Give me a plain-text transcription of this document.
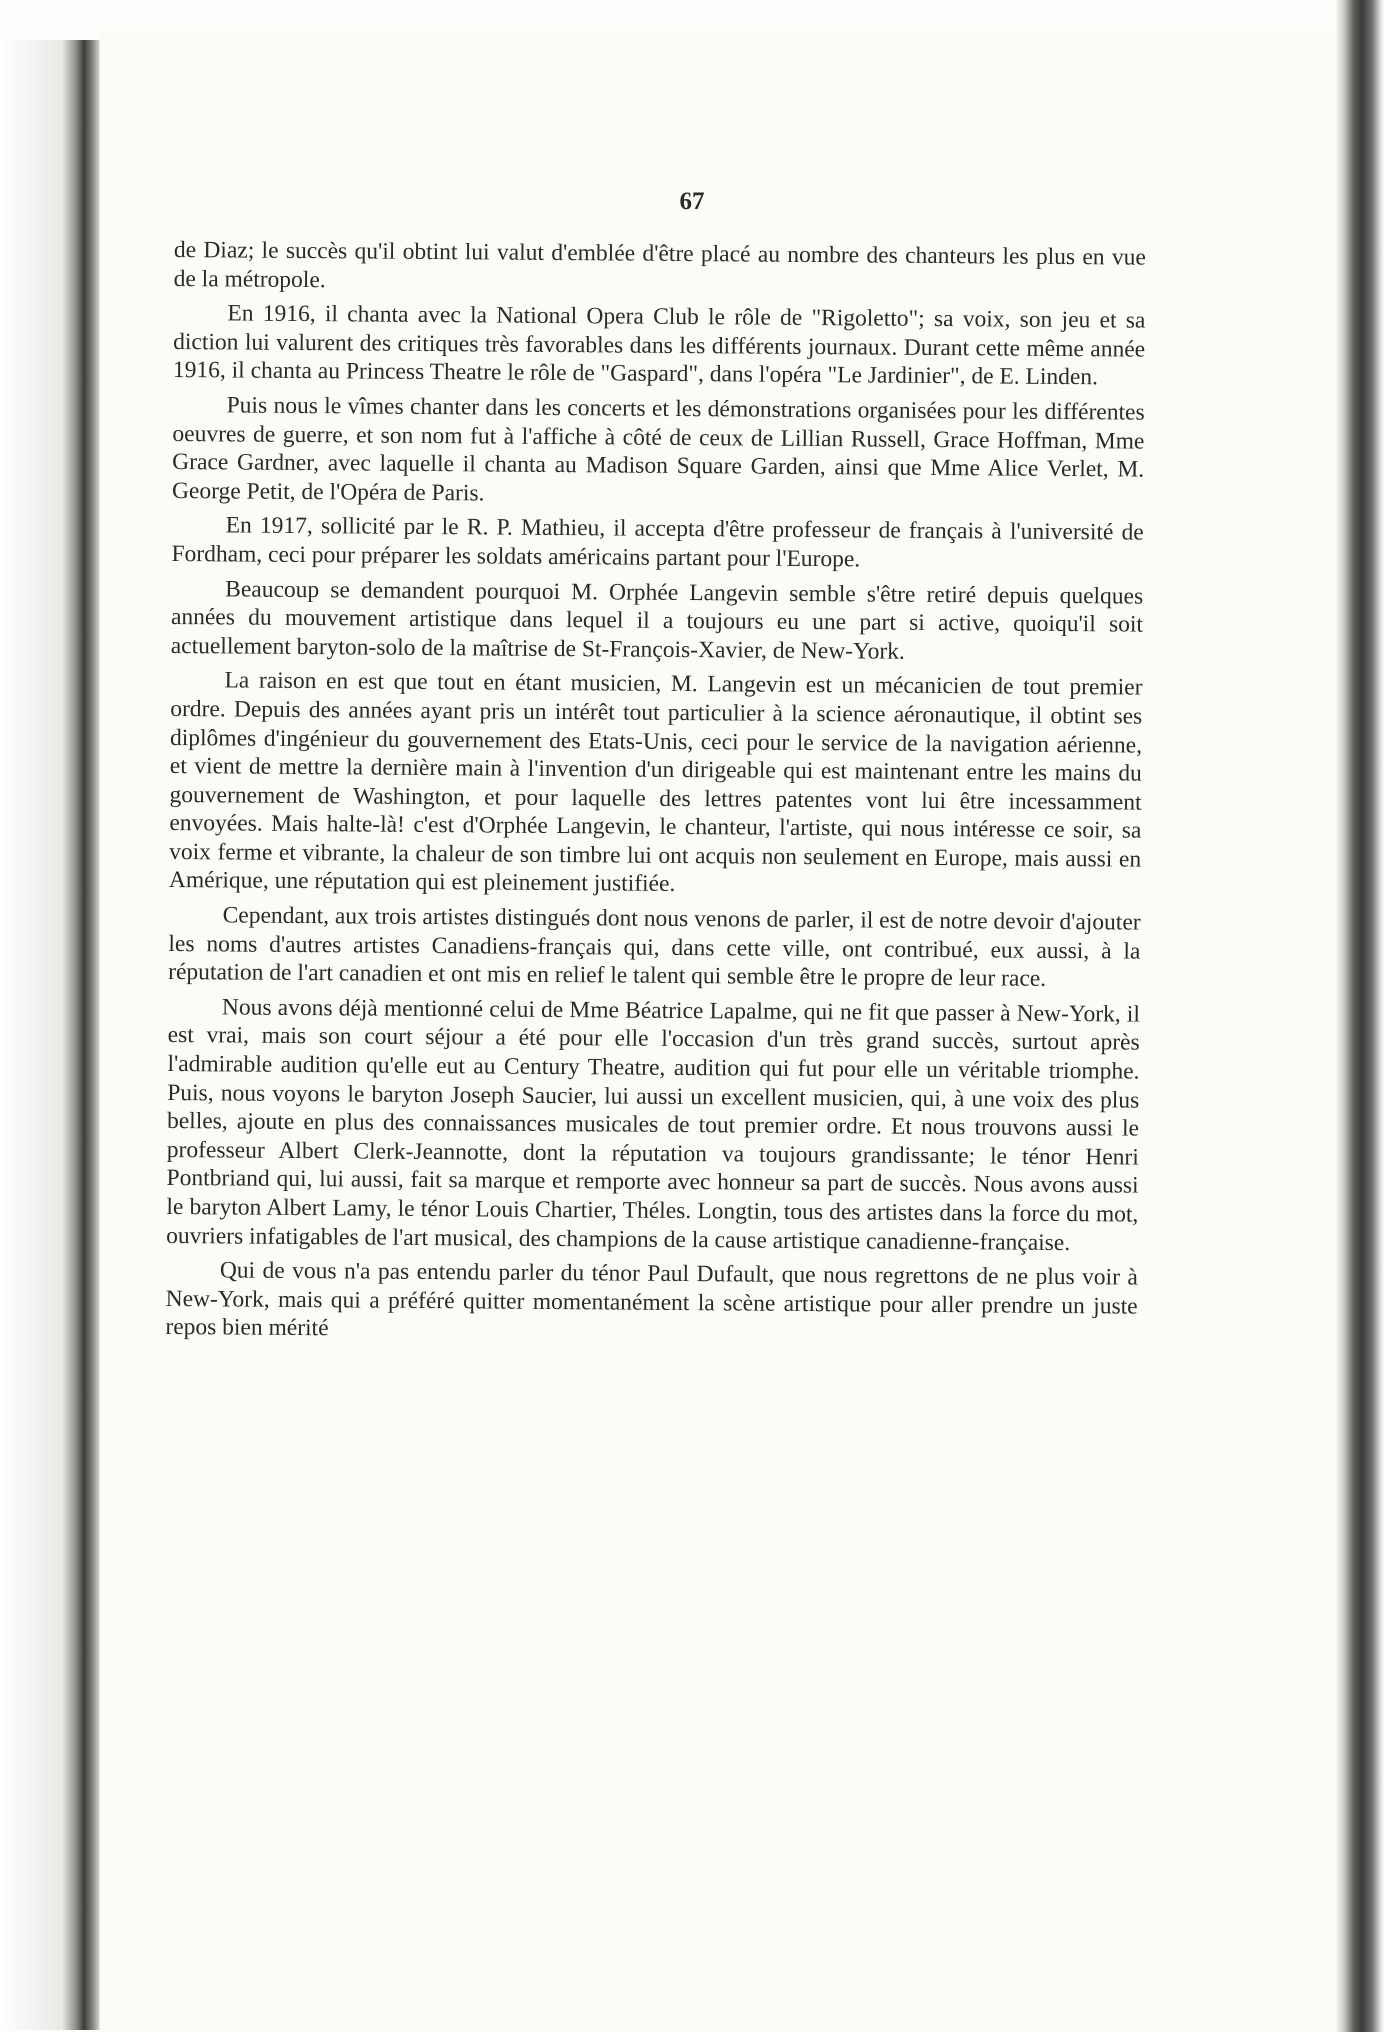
67

de Diaz; le succès qu'il obtint lui valut d'emblée d'être placé au nombre des chanteurs les plus en vue de la métropole.

En 1916, il chanta avec la National Opera Club le rôle de "Rigoletto"; sa voix, son jeu et sa diction lui valurent des critiques très favorables dans les différents journaux. Durant cette même année 1916, il chanta au Princess Theatre le rôle de "Gaspard", dans l'opéra "Le Jardinier", de E. Linden.

Puis nous le vîmes chanter dans les concerts et les démonstrations organisées pour les différentes oeuvres de guerre, et son nom fut à l'affiche à côté de ceux de Lillian Russell, Grace Hoffman, Mme Grace Gardner, avec laquelle il chanta au Madison Square Garden, ainsi que Mme Alice Verlet, M. George Petit, de l'Opéra de Paris.

En 1917, sollicité par le R. P. Mathieu, il accepta d'être professeur de français à l'université de Fordham, ceci pour préparer les soldats américains partant pour l'Europe.

Beaucoup se demandent pourquoi M. Orphée Langevin semble s'être retiré depuis quelques années du mouvement artistique dans lequel il a toujours eu une part si active, quoiqu'il soit actuellement baryton-solo de la maîtrise de St-François-Xavier, de New-York.

La raison en est que tout en étant musicien, M. Langevin est un mécanicien de tout premier ordre. Depuis des années ayant pris un intérêt tout particulier à la science aéronautique, il obtint ses diplômes d'ingénieur du gouvernement des Etats-Unis, ceci pour le service de la navigation aérienne, et vient de mettre la dernière main à l'invention d'un dirigeable qui est maintenant entre les mains du gouvernement de Washington, et pour laquelle des lettres patentes vont lui être incessamment envoyées. Mais halte-là! c'est d'Orphée Langevin, le chanteur, l'artiste, qui nous intéresse ce soir, sa voix ferme et vibrante, la chaleur de son timbre lui ont acquis non seulement en Europe, mais aussi en Amérique, une réputation qui est pleinement justifiée.

Cependant, aux trois artistes distingués dont nous venons de parler, il est de notre devoir d'ajouter les noms d'autres artistes Canadiens-français qui, dans cette ville, ont contribué, eux aussi, à la réputation de l'art canadien et ont mis en relief le talent qui semble être le propre de leur race.

Nous avons déjà mentionné celui de Mme Béatrice Lapalme, qui ne fit que passer à New-York, il est vrai, mais son court séjour a été pour elle l'occasion d'un très grand succès, surtout après l'admirable audition qu'elle eut au Century Theatre, audition qui fut pour elle un véritable triomphe. Puis, nous voyons le baryton Joseph Saucier, lui aussi un excellent musicien, qui, à une voix des plus belles, ajoute en plus des connaissances musicales de tout premier ordre. Et nous trouvons aussi le professeur Albert Clerk-Jeannotte, dont la réputation va toujours grandissante; le ténor Henri Pontbriand qui, lui aussi, fait sa marque et remporte avec honneur sa part de succès. Nous avons aussi le baryton Albert Lamy, le ténor Louis Chartier, Théles. Longtin, tous des artistes dans la force du mot, ouvriers infatigables de l'art musical, des champions de la cause artistique canadienne-française.

Qui de vous n'a pas entendu parler du ténor Paul Dufault, que nous regrettons de ne plus voir à New-York, mais qui a préféré quitter momentanément la scène artistique pour aller prendre un juste repos bien mérité
